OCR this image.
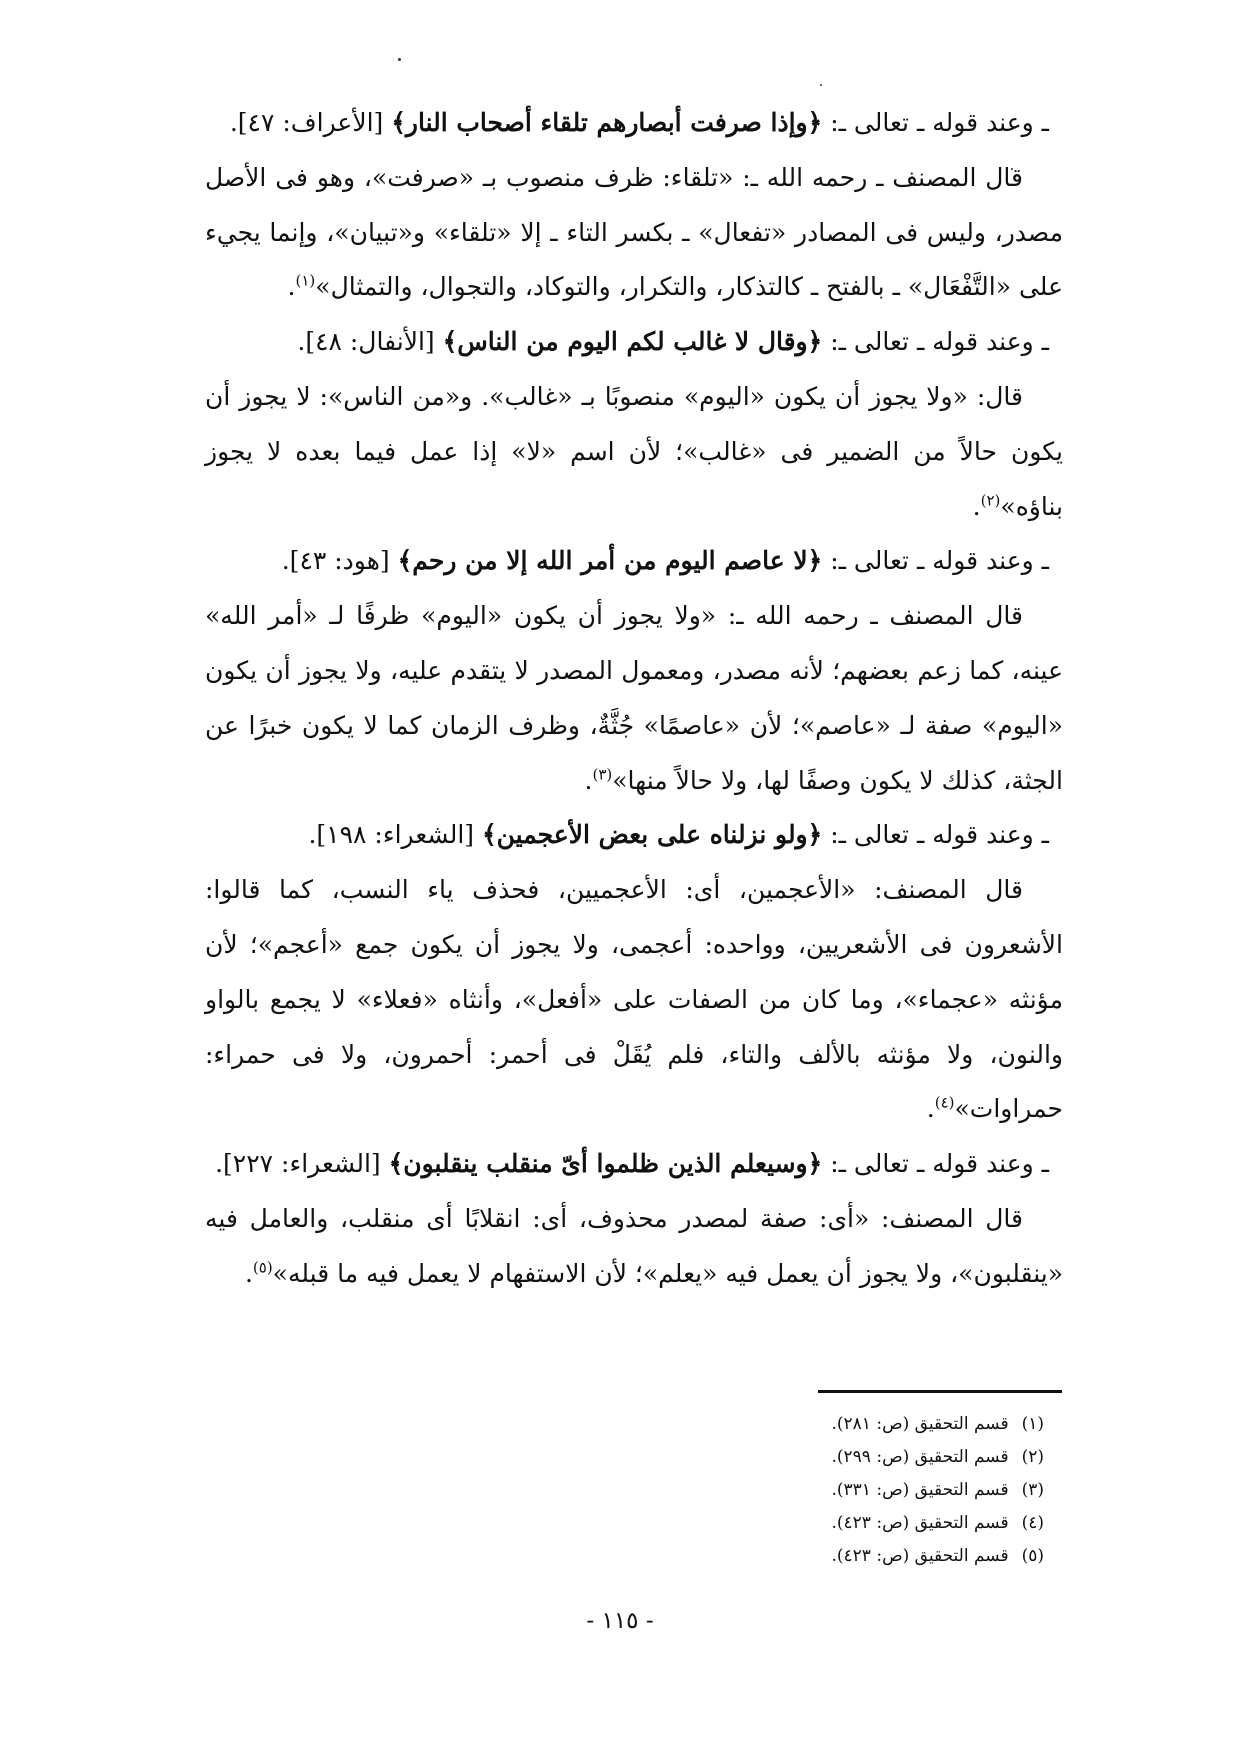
ـ وعند قوله ـ تعالى ـ: ﴿وإذا صرفت أبصارهم تلقاء أصحاب النار﴾ [الأعراف: ٤٧].

قال المصنف ـ رحمه الله ـ: «تلقاء: ظرف منصوب بـ «صرفت»، وهو فى الأصل مصدر، وليس فى المصادر «تفعال» ـ بكسر التاء ـ إلا «تلقاء» و«تبيان»، وإنما يجيء على «التَّفْعَال» ـ بالفتح ـ كالتذكار، والتكرار، والتوكاد، والتجوال، والتمثال»$^{(١)}$.

ـ وعند قوله ـ تعالى ـ: ﴿وقال لا غالب لكم اليوم من الناس﴾ [الأنفال: ٤٨].

قال: «ولا يجوز أن يكون «اليوم» منصوبًا بـ «غالب». و«من الناس»: لا يجوز أن يكون حالاً من الضمير فى «غالب»؛ لأن اسم «لا» إذا عمل فيما بعده لا يجوز بناؤه»$^{(٢)}$.

ـ وعند قوله ـ تعالى ـ: ﴿لا عاصم اليوم من أمر الله إلا من رحم﴾ [هود: ٤٣].

قال المصنف ـ رحمه الله ـ: «ولا يجوز أن يكون «اليوم» ظرفًا لـ «أمر الله» عينه، كما زعم بعضهم؛ لأنه مصدر، ومعمول المصدر لا يتقدم عليه، ولا يجوز أن يكون «اليوم» صفة لـ «عاصم»؛ لأن «عاصمًا» جُثَّةٌ، وظرف الزمان كما لا يكون خبرًا عن الجثة، كذلك لا يكون وصفًا لها، ولا حالاً منها»$^{(٣)}$.

ـ وعند قوله ـ تعالى ـ: ﴿ولو نزلناه على بعض الأعجمين﴾ [الشعراء: ١٩٨].

قال المصنف: «الأعجمين، أى: الأعجميين، فحذف ياء النسب، كما قالوا: الأشعرون فى الأشعريين، وواحده: أعجمى، ولا يجوز أن يكون جمع «أعجم»؛ لأن مؤنثه «عجماء»، وما كان من الصفات على «أفعل»، وأنثاه «فعلاء» لا يجمع بالواو والنون، ولا مؤنثه بالألف والتاء، فلم يُقَلْ فى أحمر: أحمرون، ولا فى حمراء: حمراوات»$^{(٤)}$.

ـ وعند قوله ـ تعالى ـ: ﴿وسيعلم الذين ظلموا أىّ منقلب ينقلبون﴾ [الشعراء: ٢٢٧].

قال المصنف: «أى: صفة لمصدر محذوف، أى: انقلابًا أى منقلب، والعامل فيه «ينقلبون»، ولا يجوز أن يعمل فيه «يعلم»؛ لأن الاستفهام لا يعمل فيه ما قبله»$^{(٥)}$.

(١) قسم التحقيق (ص: ٢٨١).
(٢) قسم التحقيق (ص: ٢٩٩).
(٣) قسم التحقيق (ص: ٣٣١).
(٤) قسم التحقيق (ص: ٤٢٣).
(٥) قسم التحقيق (ص: ٤٢٣).
- ١١٥ -
